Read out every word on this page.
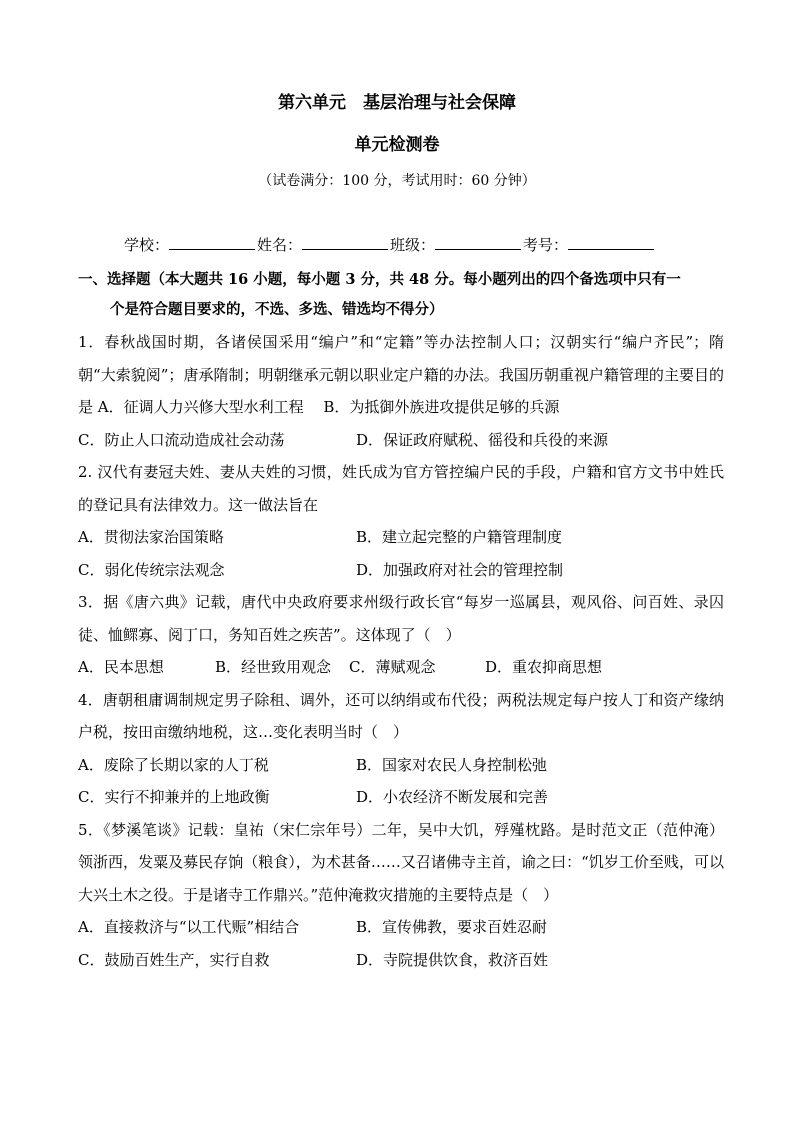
第六单元　基层治理与社会保障
单元检测卷
（试卷满分：100 分，考试用时：60 分钟）
学校：	姓名：	班级：	考号：
一、选择题（本大题共 16 小题，每小题 3 分，共 48 分。每小题列出的四个备选项中只有一
个是符合题目要求的，不选、多选、错选均不得分）

1．春秋战国时期，各诸侯国采用“编户”和“定籍”等办法控制人口；汉朝实行“编户齐民”；隋朝“大索貌阅”；唐承隋制；明朝继承元朝以职业定户籍的办法。我国历朝重视户籍管理的主要目的是 A．征调人力兴修大型水利工程　 B．为抵御外族进攻提供足够的兵源

C．防止人口流动造成社会动荡	D．保证政府赋税、徭役和兵役的来源

2. 汉代有妻冠夫姓、妻从夫姓的习惯，姓氏成为官方管控编户民的手段，户籍和官方文书中姓氏的登记具有法律效力。这一做法旨在

A．贯彻法家治国策略	B．建立起完整的户籍管理制度
C．弱化传统宗法观念	D．加强政府对社会的管理控制

3．据《唐六典》记载，唐代中央政府要求州级行政长官“每岁一巡属县，观风俗、问百姓、录囚徒、恤鳏寡、阅丁口，务知百姓之疾苦”。这体现了（　）

A．民本思想	B．经世致用观念	C．薄赋观念	D．重农抑商思想

4．唐朝租庸调制规定男子除租、调外，还可以纳绢或布代役；两税法规定每户按人丁和资产缘纳户税，按田亩缴纳地税，这…变化表明当时（　）

A．废除了长期以家的人丁税	B．国家对农民人身控制松弛
C．实行不抑兼并的上地政衡	D．小农经济不断发展和完善

5．《梦溪笔谈》记载：皇祐（宋仁宗年号）二年，吴中大饥，殍殣枕路。是时范文正（范仲淹）领浙西，发粟及募民存饷（粮食），为术甚备……又召诸佛寺主首，谕之曰：“饥岁工价至贱，可以大兴土木之役。于是诸寺工作鼎兴。”范仲淹救灾措施的主要特点是（　）

A．直接救济与“以工代赈”相结合	B．宣传佛教，要求百姓忍耐
C．鼓励百姓生产，实行自救	D．寺院提供饮食，救济百姓
